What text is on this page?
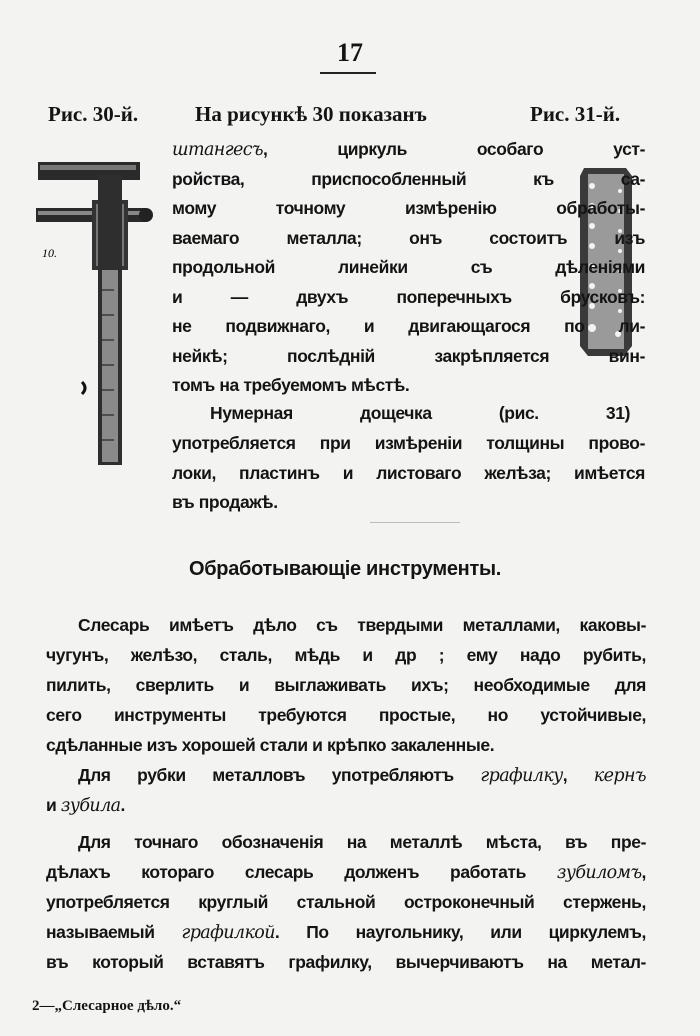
17
Рис. 30-й.	На рисункѣ 30 показанъ	Рис. 31-й.
10.
штангесъ, циркуль особаго уст-
ройства, приспособленный къ са-
мому точному измѣренію обработы-
ваемаго металла; онъ состоитъ изъ
продольной линейки съ дѣленіями
и — двухъ поперечныхъ брусковъ:
не подвижнаго, и двигающагося по ли-
нейкѣ; послѣдній закрѣпляется вин-
томъ на требуемомъ мѣстѣ.
Нумерная дощечка (рис. 31)
употребляется при измѣреніи толщины прово-
локи, пластинъ и листоваго желѣза; имѣется
въ продажѣ.
Обработывающіе инструменты.
Слесарь имѣетъ дѣло съ твердыми металлами, каковы-
чугунъ, желѣзо, сталь, мѣдь и др ; ему надо рубить,
пилить, сверлить и выглаживать ихъ; необходимые для
сего инструменты требуются простые, но устойчивые,
сдѣланные изъ хорошей стали и крѣпко закаленные.
Для рубки металловъ употребляютъ графилку, кернъ
и зубила.
Для точнаго обозначенія на металлѣ мѣста, въ пре-
дѣлахъ котораго слесарь долженъ работать зубиломъ,
употребляется круглый стальной остроконечный стержень,
называемый графилкой. По наугольнику, или циркулемъ,
въ который вставятъ графилку, вычерчиваютъ на метал-
2—„Слесарное дѣло.“
